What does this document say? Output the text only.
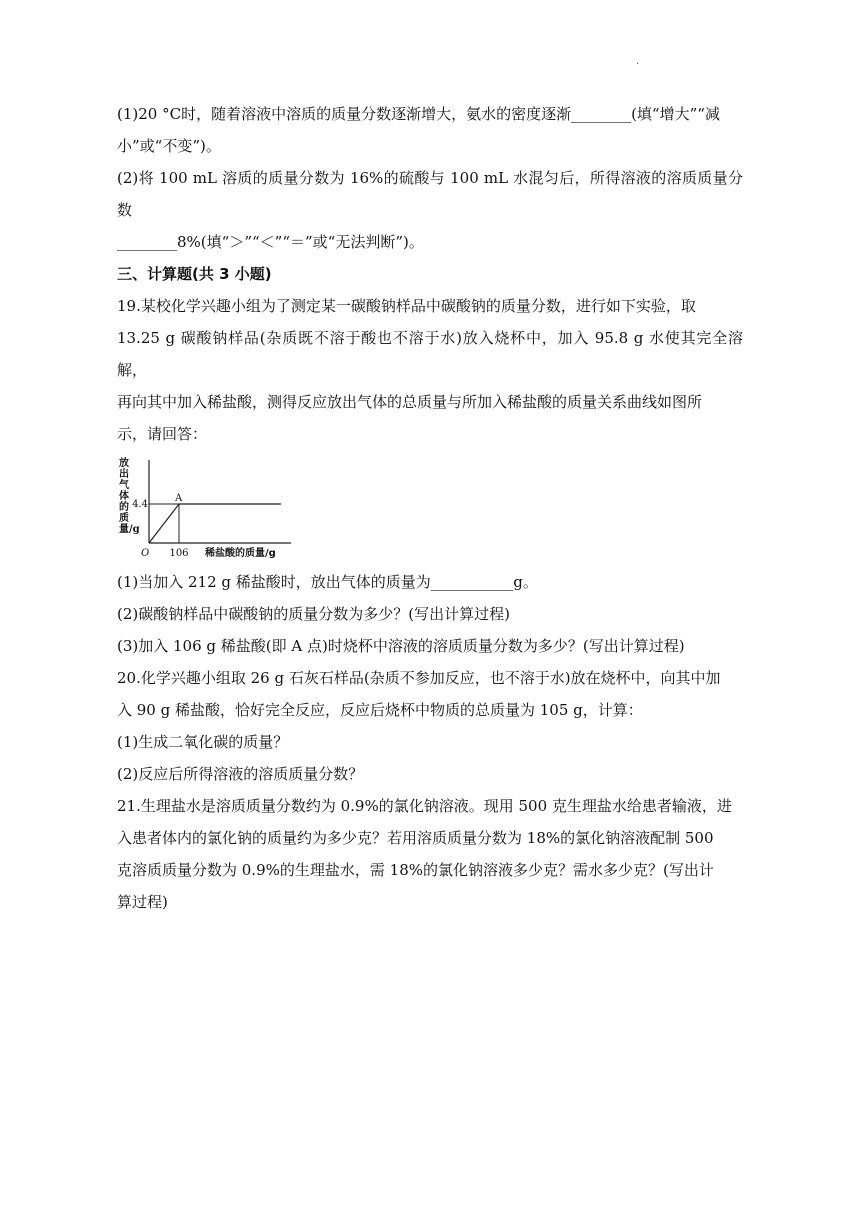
.

(1)20 °C时，随着溶液中溶质的质量分数逐渐增大，氨水的密度逐渐________(填“增大”“减

小”或“不变”)。

(2)将 100 mL 溶质的质量分数为 16%的硫酸与 100 mL 水混匀后，所得溶液的溶质质量分数

________8%(填“＞”“＜”“＝”或“无法判断”)。

三、计算题(共 3 小题)

19.某校化学兴趣小组为了测定某一碳酸钠样品中碳酸钠的质量分数，进行如下实验，取

13.25 g 碳酸钠样品(杂质既不溶于酸也不溶于水)放入烧杯中，加入 95.8 g 水使其完全溶解，

再向其中加入稀盐酸，测得反应放出气体的总质量与所加入稀盐酸的质量关系曲线如图所

示，请回答：

放出气体的质量/g
4.4
106
O
A
稀盐酸的质量/g

(1)当加入 212 g 稀盐酸时，放出气体的质量为___________g。

(2)碳酸钠样品中碳酸钠的质量分数为多少？(写出计算过程)

(3)加入 106 g 稀盐酸(即 A 点)时烧杯中溶液的溶质质量分数为多少？(写出计算过程)

20.化学兴趣小组取 26 g 石灰石样品(杂质不参加反应，也不溶于水)放在烧杯中，向其中加

入 90 g 稀盐酸，恰好完全反应，反应后烧杯中物质的总质量为 105 g，计算：

(1)生成二氧化碳的质量？

(2)反应后所得溶液的溶质质量分数？

21.生理盐水是溶质质量分数约为 0.9%的氯化钠溶液。现用 500 克生理盐水给患者输液，进

入患者体内的氯化钠的质量约为多少克？若用溶质质量分数为 18%的氯化钠溶液配制 500

克溶质质量分数为 0.9%的生理盐水，需 18%的氯化钠溶液多少克？需水多少克？(写出计

算过程)
